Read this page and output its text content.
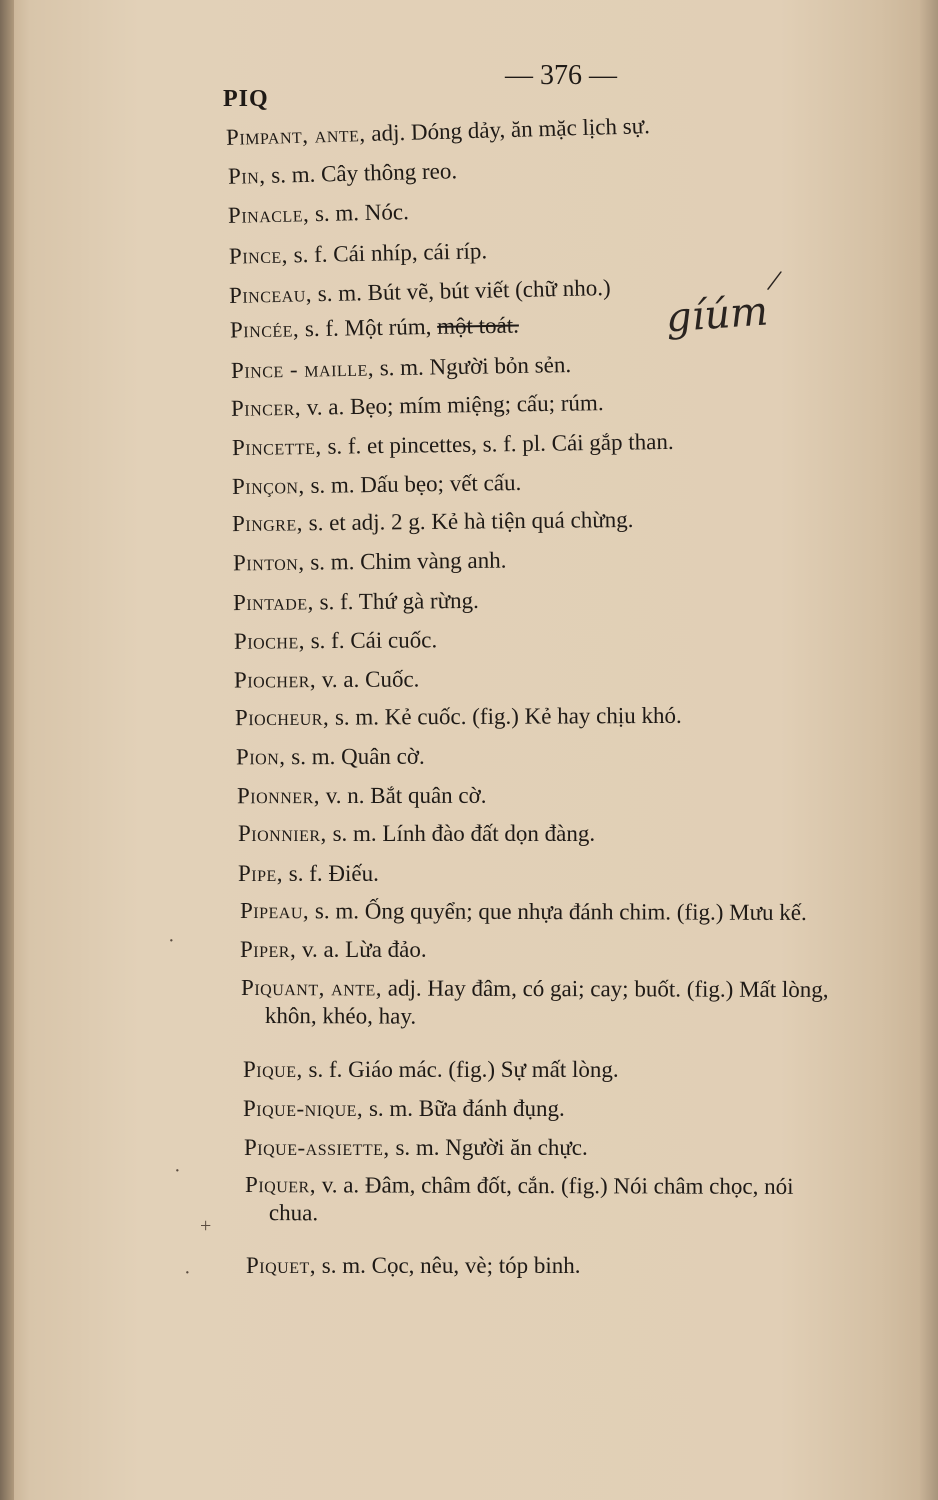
PIQ
— 376 —
Pimpant, ante, adj. Dóng dảy, ăn mặc lịch sự.
Pin, s. m. Cây thông reo.
Pinacle, s. m. Nóc.
Pince, s. f. Cái nhíp, cái ríp.
Pinceau, s. m. Bút vẽ, bút viết (chữ nho.)
Pincée, s. f. Một rúm, một toát.
Pince - maille, s. m. Người bỏn sẻn.
Pincer, v. a. Bẹo; mím miệng; cấu; rúm.
Pincette, s. f. et pincettes, s. f. pl. Cái gắp than.
Pinçon, s. m. Dấu bẹo; vết cấu.
Pingre, s. et adj. 2 g. Kẻ hà tiện quá chừng.
Pinton, s. m. Chim vàng anh.
Pintade, s. f. Thứ gà rừng.
Pioche, s. f. Cái cuốc.
Piocher, v. a. Cuốc.
Piocheur, s. m. Kẻ cuốc. (fig.) Kẻ hay chịu khó.
Pion, s. m. Quân cờ.
Pionner, v. n. Bắt quân cờ.
Pionnier, s. m. Lính đào đất dọn đàng.
Pipe, s. f. Điếu.
Pipeau, s. m. Ống quyển; que nhựa đánh chim. (fig.) Mưu kế.
Piper, v. a. Lừa đảo.
Piquant, ante, adj. Hay đâm, có gai; cay; buốt. (fig.) Mất lòng,
khôn, khéo, hay.
Pique, s. f. Giáo mác. (fig.) Sự mất lòng.
Pique-nique, s. m. Bữa đánh đụng.
Pique-assiette, s. m. Người ăn chực.
Piquer, v. a. Đâm, châm đốt, cắn. (fig.) Nói châm chọc, nói
chua.
Piquet, s. m. Cọc, nêu, vè; tóp binh.
/
gíúm
·
·
+
·
